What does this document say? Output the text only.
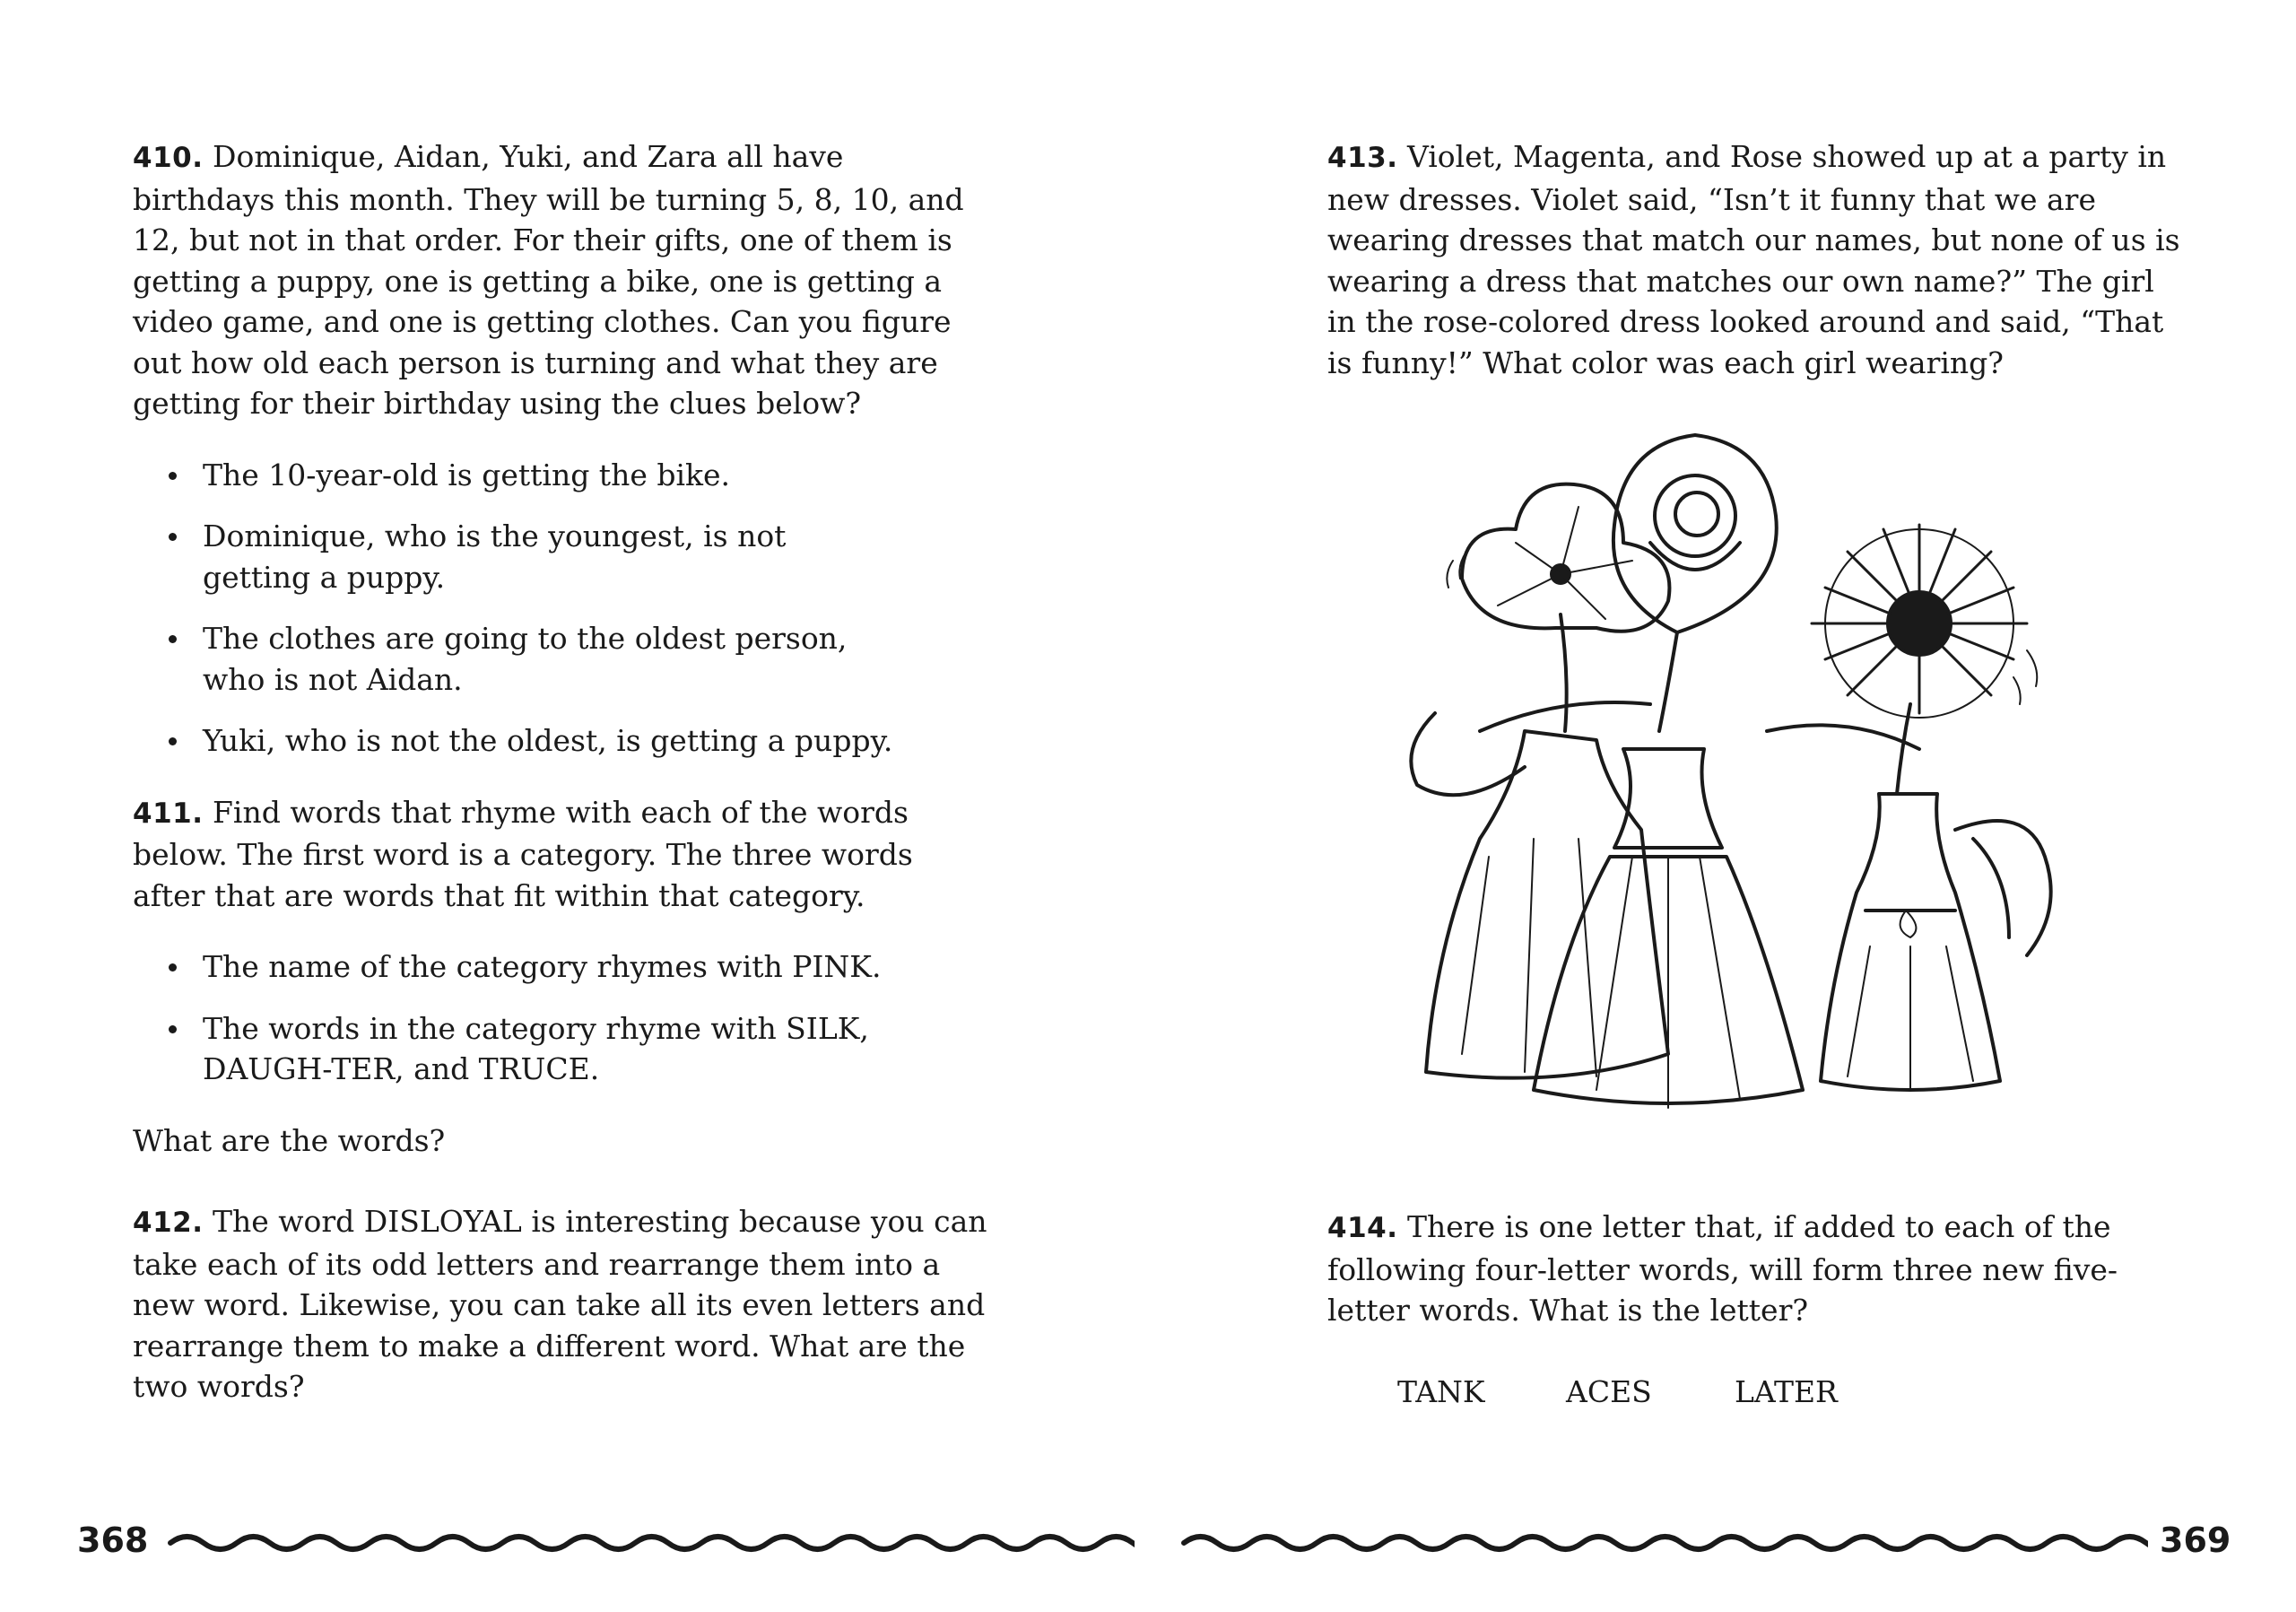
410. Dominique, Aidan, Yuki, and Zara all have birthdays this month. They will be turning 5, 8, 10, and 12, but not in that order. For their gifts, one of them is getting a puppy, one is getting a bike, one is getting a video game, and one is getting clothes. Can you figure out how old each person is turning and what they are getting for their birthday using the clues below?

The 10-year-old is getting the bike.
Dominique, who is the youngest, is not getting a puppy.
The clothes are going to the oldest person, who is not Aidan.
Yuki, who is not the oldest, is getting a puppy.

411. Find words that rhyme with each of the words below. The first word is a category. The three words after that are words that fit within that category.

The name of the category rhymes with PINK.
The words in the category rhyme with SILK, DAUGH-TER, and TRUCE.

What are the words?

412. The word DISLOYAL is interesting because you can take each of its odd letters and rearrange them into a new word. Likewise, you can take all its even letters and rearrange them to make a different word. What are the two words?

413. Violet, Magenta, and Rose showed up at a party in new dresses. Violet said, “Isn’t it funny that we are wearing dresses that match our names, but none of us is wearing a dress that matches our own name?” The girl in the rose-colored dress looked around and said, “That is funny!” What color was each girl wearing?

414. There is one letter that, if added to each of the following four-letter words, will form three new five-letter words. What is the letter?

TANK	ACES	LATER
368	369
